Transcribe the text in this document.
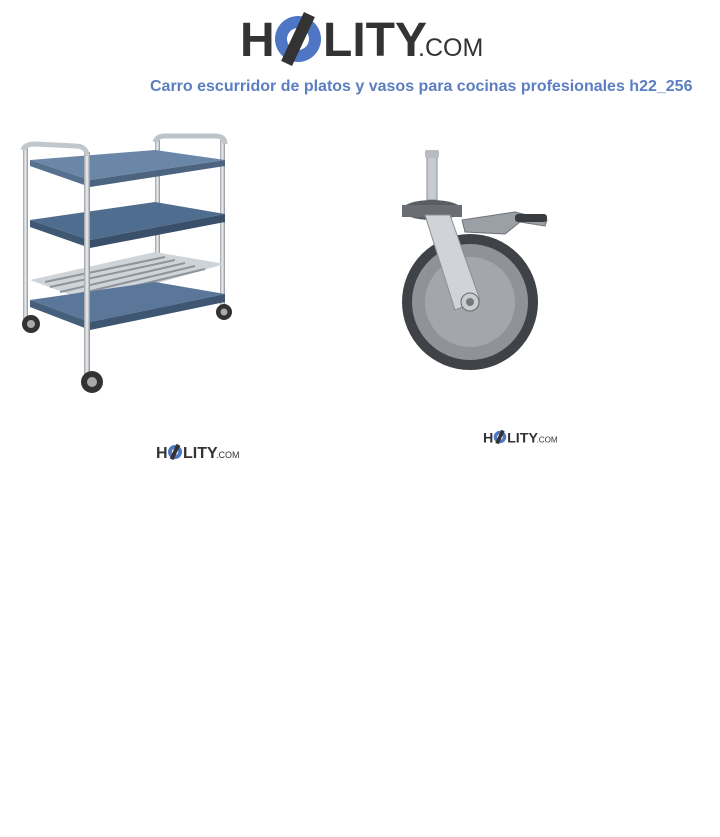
H LITY
.COM
Carro escurridor de platos y vasos para cocinas profesionales h22_256
H LITY
.COM
H LITY
.COM
